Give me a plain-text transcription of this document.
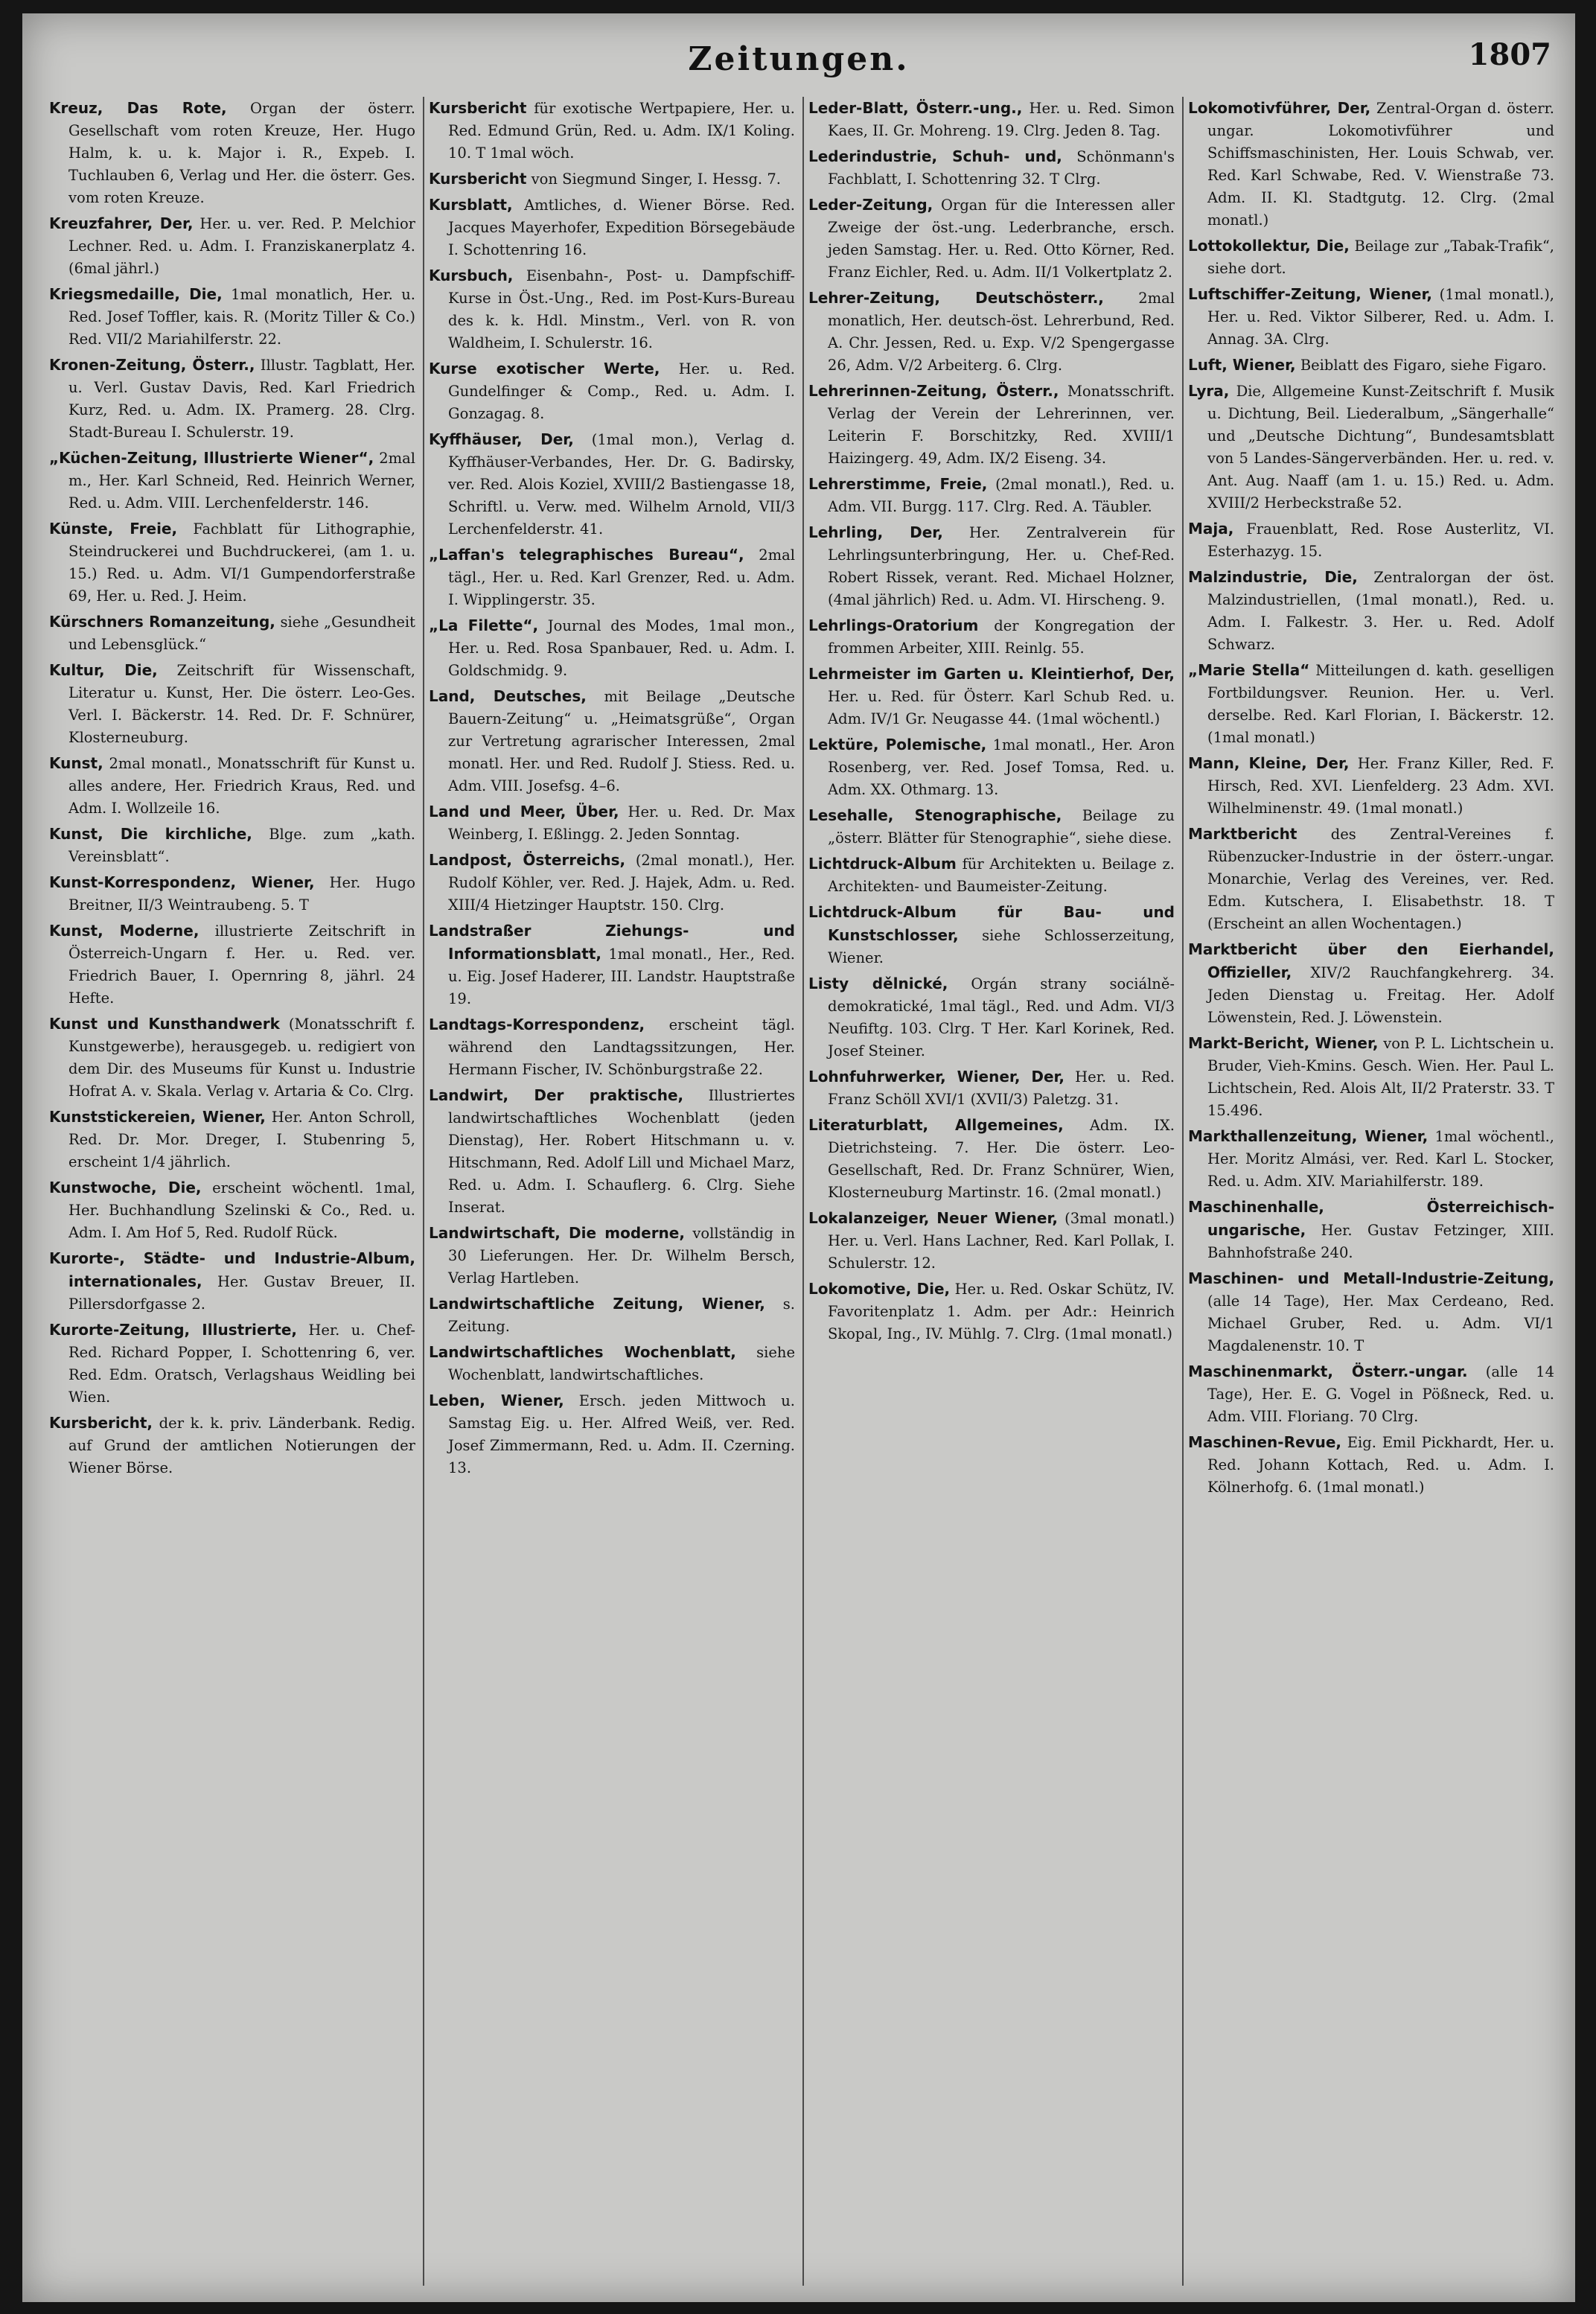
Zeitungen.	1807

Kreuz, Das Rote, Organ der österr. Gesellschaft vom roten Kreuze, Her. Hugo Halm, k. u. k. Major i. R., Expeb. I. Tuchlauben 6, Verlag und Her. die österr. Ges. vom roten Kreuze.

Kreuzfahrer, Der, Her. u. ver. Red. P. Melchior Lechner. Red. u. Adm. I. Franziskanerplatz 4. (6mal jährl.)

Kriegsmedaille, Die, 1mal monatlich, Her. u. Red. Josef Toffler, kais. R. (Moritz Tiller & Co.) Red. VII/2 Mariahilferstr. 22.

Kronen-Zeitung, Österr., Illustr. Tagblatt, Her. u. Verl. Gustav Davis, Red. Karl Friedrich Kurz, Red. u. Adm. IX. Pramerg. 28. Clrg. Stadt-Bureau I. Schulerstr. 19.

„Küchen-Zeitung, Illustrierte Wiener“, 2mal m., Her. Karl Schneid, Red. Heinrich Werner, Red. u. Adm. VIII. Lerchenfelderstr. 146.

Künste, Freie, Fachblatt für Lithographie, Steindruckerei und Buchdruckerei, (am 1. u. 15.) Red. u. Adm. VI/1 Gumpendorferstraße 69, Her. u. Red. J. Heim.

Kürschners Romanzeitung, siehe „Gesundheit und Lebensglück.“

Kultur, Die, Zeitschrift für Wissenschaft, Literatur u. Kunst, Her. Die österr. Leo-Ges. Verl. I. Bäckerstr. 14. Red. Dr. F. Schnürer, Klosterneuburg.

Kunst, 2mal monatl., Monatsschrift für Kunst u. alles andere, Her. Friedrich Kraus, Red. und Adm. I. Wollzeile 16.

Kunst, Die kirchliche, Blge. zum „kath. Vereinsblatt“.

Kunst-Korrespondenz, Wiener, Her. Hugo Breitner, II/3 Weintraubeng. 5. T

Kunst, Moderne, illustrierte Zeitschrift in Österreich-Ungarn f. Her. u. Red. ver. Friedrich Bauer, I. Opernring 8, jährl. 24 Hefte.

Kunst und Kunsthandwerk (Monatsschrift f. Kunstgewerbe), herausgegeb. u. redigiert von dem Dir. des Museums für Kunst u. Industrie Hofrat A. v. Skala. Verlag v. Artaria & Co. Clrg.

Kunststickereien, Wiener, Her. Anton Schroll, Red. Dr. Mor. Dreger, I. Stubenring 5, erscheint 1/4 jährlich.

Kunstwoche, Die, erscheint wöchentl. 1mal, Her. Buchhandlung Szelinski & Co., Red. u. Adm. I. Am Hof 5, Red. Rudolf Rück.

Kurorte-, Städte- und Industrie-Album, internationales, Her. Gustav Breuer, II. Pillersdorfgasse 2.

Kurorte-Zeitung, Illustrierte, Her. u. Chef-Red. Richard Popper, I. Schottenring 6, ver. Red. Edm. Oratsch, Verlagshaus Weidling bei Wien.

Kursbericht, der k. k. priv. Länderbank. Redig. auf Grund der amtlichen Notierungen der Wiener Börse.

Kursbericht für exotische Wertpapiere, Her. u. Red. Edmund Grün, Red. u. Adm. IX/1 Koling. 10. T 1mal wöch.

Kursbericht von Siegmund Singer, I. Hessg. 7.

Kursblatt, Amtliches, d. Wiener Börse. Red. Jacques Mayerhofer, Expedition Börsegebäude I. Schottenring 16.

Kursbuch, Eisenbahn-, Post- u. Dampfschiff-Kurse in Öst.-Ung., Red. im Post-Kurs-Bureau des k. k. Hdl. Minstm., Verl. von R. von Waldheim, I. Schulerstr. 16.

Kurse exotischer Werte, Her. u. Red. Gundelfinger & Comp., Red. u. Adm. I. Gonzagag. 8.

Kyffhäuser, Der, (1mal mon.), Verlag d. Kyffhäuser-Verbandes, Her. Dr. G. Badirsky, ver. Red. Alois Koziel, XVIII/2 Bastiengasse 18, Schriftl. u. Verw. med. Wilhelm Arnold, VII/3 Lerchenfelderstr. 41.

„Laffan's telegraphisches Bureau“, 2mal tägl., Her. u. Red. Karl Grenzer, Red. u. Adm. I. Wipplingerstr. 35.

„La Filette“, Journal des Modes, 1mal mon., Her. u. Red. Rosa Spanbauer, Red. u. Adm. I. Goldschmidg. 9.

Land, Deutsches, mit Beilage „Deutsche Bauern-Zeitung“ u. „Heimatsgrüße“, Organ zur Vertretung agrarischer Interessen, 2mal monatl. Her. und Red. Rudolf J. Stiess. Red. u. Adm. VIII. Josefsg. 4–6.

Land und Meer, Über, Her. u. Red. Dr. Max Weinberg, I. Eßlingg. 2. Jeden Sonntag.

Landpost, Österreichs, (2mal monatl.), Her. Rudolf Köhler, ver. Red. J. Hajek, Adm. u. Red. XIII/4 Hietzinger Hauptstr. 150. Clrg.

Landstraßer Ziehungs- und Informationsblatt, 1mal monatl., Her., Red. u. Eig. Josef Haderer, III. Landstr. Hauptstraße 19.

Landtags-Korrespondenz, erscheint tägl. während den Landtagssitzungen, Her. Hermann Fischer, IV. Schönburgstraße 22.

Landwirt, Der praktische, Illustriertes landwirtschaftliches Wochenblatt (jeden Dienstag), Her. Robert Hitschmann u. v. Hitschmann, Red. Adolf Lill und Michael Marz, Red. u. Adm. I. Schauflerg. 6. Clrg. Siehe Inserat.

Landwirtschaft, Die moderne, vollständig in 30 Lieferungen. Her. Dr. Wilhelm Bersch, Verlag Hartleben.

Landwirtschaftliche Zeitung, Wiener, s. Zeitung.

Landwirtschaftliches Wochenblatt, siehe Wochenblatt, landwirtschaftliches.

Leben, Wiener, Ersch. jeden Mittwoch u. Samstag Eig. u. Her. Alfred Weiß, ver. Red. Josef Zimmermann, Red. u. Adm. II. Czerning. 13.

Leder-Blatt, Österr.-ung., Her. u. Red. Simon Kaes, II. Gr. Mohreng. 19. Clrg. Jeden 8. Tag.

Lederindustrie, Schuh- und, Schönmann's Fachblatt, I. Schottenring 32. T Clrg.

Leder-Zeitung, Organ für die Interessen aller Zweige der öst.-ung. Lederbranche, ersch. jeden Samstag. Her. u. Red. Otto Körner, Red. Franz Eichler, Red. u. Adm. II/1 Volkertplatz 2.

Lehrer-Zeitung, Deutschösterr., 2mal monatlich, Her. deutsch-öst. Lehrerbund, Red. A. Chr. Jessen, Red. u. Exp. V/2 Spengergasse 26, Adm. V/2 Arbeiterg. 6. Clrg.

Lehrerinnen-Zeitung, Österr., Monatsschrift. Verlag der Verein der Lehrerinnen, ver. Leiterin F. Borschitzky, Red. XVIII/1 Haizingerg. 49, Adm. IX/2 Eiseng. 34.

Lehrerstimme, Freie, (2mal monatl.), Red. u. Adm. VII. Burgg. 117. Clrg. Red. A. Täubler.

Lehrling, Der, Her. Zentralverein für Lehrlingsunterbringung, Her. u. Chef-Red. Robert Rissek, verant. Red. Michael Holzner, (4mal jährlich) Red. u. Adm. VI. Hirscheng. 9.

Lehrlings-Oratorium der Kongregation der frommen Arbeiter, XIII. Reinlg. 55.

Lehrmeister im Garten u. Kleintierhof, Der, Her. u. Red. für Österr. Karl Schub Red. u. Adm. IV/1 Gr. Neugasse 44. (1mal wöchentl.)

Lektüre, Polemische, 1mal monatl., Her. Aron Rosenberg, ver. Red. Josef Tomsa, Red. u. Adm. XX. Othmarg. 13.

Lesehalle, Stenographische, Beilage zu „österr. Blätter für Stenographie“, siehe diese.

Lichtdruck-Album für Architekten u. Beilage z. Architekten- und Baumeister-Zeitung.

Lichtdruck-Album für Bau- und Kunstschlosser, siehe Schlosserzeitung, Wiener.

Listy dělnické, Orgán strany sociálně-demokratické, 1mal tägl., Red. und Adm. VI/3 Neufiftg. 103. Clrg. T Her. Karl Korinek, Red. Josef Steiner.

Lohnfuhrwerker, Wiener, Der, Her. u. Red. Franz Schöll XVI/1 (XVII/3) Paletzg. 31.

Literaturblatt, Allgemeines, Adm. IX. Dietrichsteing. 7. Her. Die österr. Leo-Gesellschaft, Red. Dr. Franz Schnürer, Wien, Klosterneuburg Martinstr. 16. (2mal monatl.)

Lokalanzeiger, Neuer Wiener, (3mal monatl.) Her. u. Verl. Hans Lachner, Red. Karl Pollak, I. Schulerstr. 12.

Lokomotive, Die, Her. u. Red. Oskar Schütz, IV. Favoritenplatz 1. Adm. per Adr.: Heinrich Skopal, Ing., IV. Mühlg. 7. Clrg. (1mal monatl.)

Lokomotivführer, Der, Zentral-Organ d. österr. ungar. Lokomotivführer und Schiffsmaschinisten, Her. Louis Schwab, ver. Red. Karl Schwabe, Red. V. Wienstraße 73. Adm. II. Kl. Stadtgutg. 12. Clrg. (2mal monatl.)

Lottokollektur, Die, Beilage zur „Tabak-Trafik“, siehe dort.

Luftschiffer-Zeitung, Wiener, (1mal monatl.), Her. u. Red. Viktor Silberer, Red. u. Adm. I. Annag. 3A. Clrg.

Luft, Wiener, Beiblatt des Figaro, siehe Figaro.

Lyra, Die, Allgemeine Kunst-Zeitschrift f. Musik u. Dichtung, Beil. Liederalbum, „Sängerhalle“ und „Deutsche Dichtung“, Bundesamtsblatt von 5 Landes-Sängerverbänden. Her. u. red. v. Ant. Aug. Naaff (am 1. u. 15.) Red. u. Adm. XVIII/2 Herbeckstraße 52.

Maja, Frauenblatt, Red. Rose Austerlitz, VI. Esterhazyg. 15.

Malzindustrie, Die, Zentralorgan der öst. Malzindustriellen, (1mal monatl.), Red. u. Adm. I. Falkestr. 3. Her. u. Red. Adolf Schwarz.

„Marie Stella“ Mitteilungen d. kath. geselligen Fortbildungsver. Reunion. Her. u. Verl. derselbe. Red. Karl Florian, I. Bäckerstr. 12. (1mal monatl.)

Mann, Kleine, Der, Her. Franz Killer, Red. F. Hirsch, Red. XVI. Lienfelderg. 23 Adm. XVI. Wilhelminenstr. 49. (1mal monatl.)

Marktbericht des Zentral-Vereines f. Rübenzucker-Industrie in der österr.-ungar. Monarchie, Verlag des Vereines, ver. Red. Edm. Kutschera, I. Elisabethstr. 18. T (Erscheint an allen Wochentagen.)

Marktbericht über den Eierhandel, Offizieller, XIV/2 Rauchfangkehrerg. 34. Jeden Dienstag u. Freitag. Her. Adolf Löwenstein, Red. J. Löwenstein.

Markt-Bericht, Wiener, von P. L. Lichtschein u. Bruder, Vieh-Kmins. Gesch. Wien. Her. Paul L. Lichtschein, Red. Alois Alt, II/2 Praterstr. 33. T 15.496.

Markthallenzeitung, Wiener, 1mal wöchentl., Her. Moritz Almási, ver. Red. Karl L. Stocker, Red. u. Adm. XIV. Mariahilferstr. 189.

Maschinenhalle, Österreichisch-ungarische, Her. Gustav Fetzinger, XIII. Bahnhofstraße 240.

Maschinen- und Metall-Industrie-Zeitung, (alle 14 Tage), Her. Max Cerdeano, Red. Michael Gruber, Red. u. Adm. VI/1 Magdalenenstr. 10. T

Maschinenmarkt, Österr.-ungar. (alle 14 Tage), Her. E. G. Vogel in Pößneck, Red. u. Adm. VIII. Floriang. 70 Clrg.

Maschinen-Revue, Eig. Emil Pickhardt, Her. u. Red. Johann Kottach, Red. u. Adm. I. Kölnerhofg. 6. (1mal monatl.)
